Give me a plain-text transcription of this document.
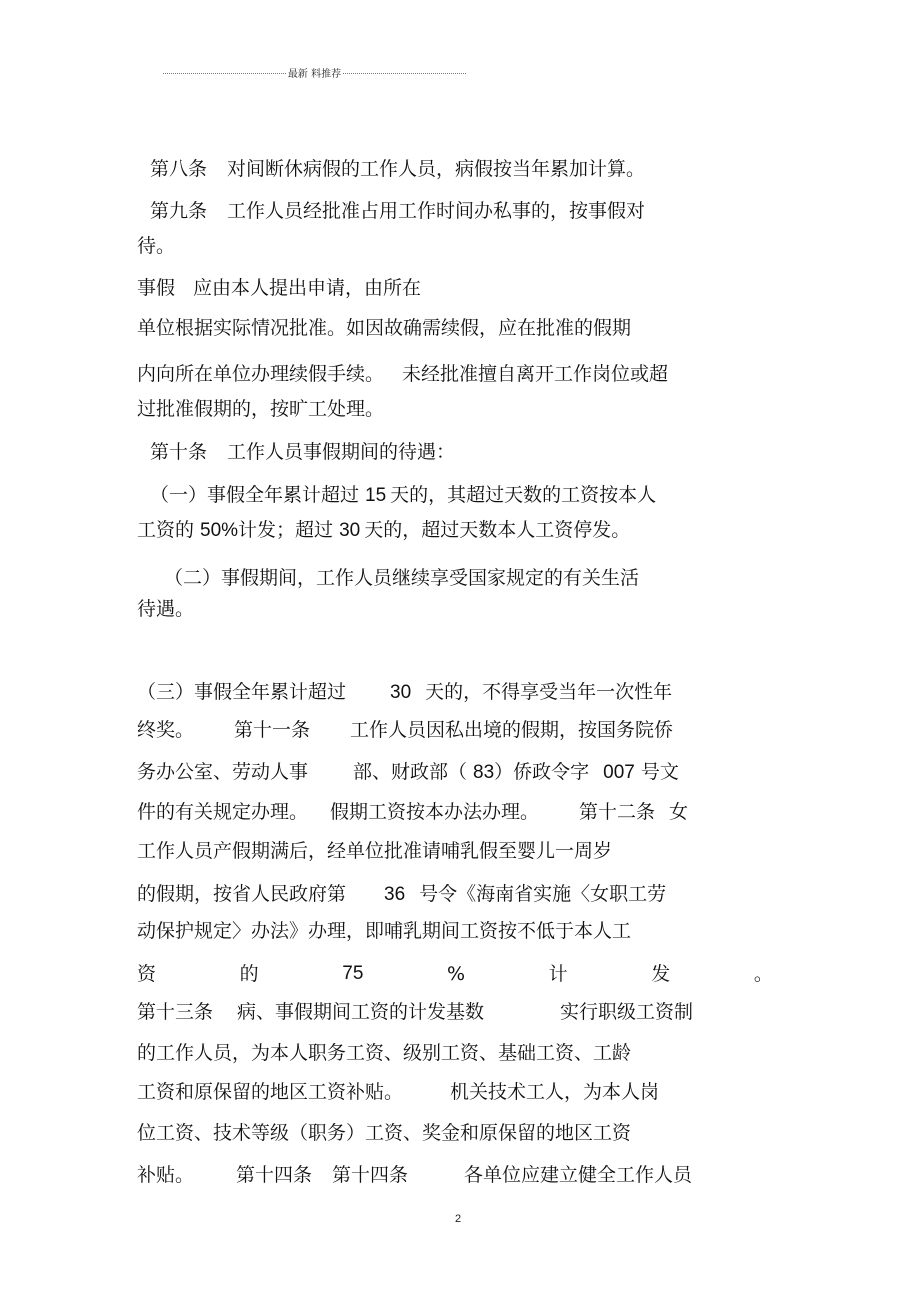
最新 料推荐
第八条 对间断休病假的工作人员，病假按当年累加计算。
第九条 工作人员经批准占用工作时间办私事的，按事假对
待。
事假 应由本人提出申请，由所在
单位根据实际情况批准。如因故确需续假，应在批准的假期
内向所在单位办理续假手续。 未经批准擅自离开工作岗位或超
过批准假期的，按旷工处理。
第十条 工作人员事假期间的待遇：
（一）事假全年累计超过 15 天的，其超过天数的工资按本人
工资的 50%计发；超过 30 天的，超过天数本人工资停发。
（二）事假期间，工作人员继续享受国家规定的有关生活
待遇。
（三）事假全年累计超过 30 天的，不得享受当年一次性年
终奖。 第十一条 工作人员因私出境的假期，按国务院侨
务办公室、劳动人事 部、财政部（ 83）侨政令字 007 号文
件的有关规定办理。 假期工资按本办法办理。 第十二条 女
工作人员产假期满后，经单位批准请哺乳假至婴儿一周岁
的假期，按省人民政府第 36 号令《海南省实施〈女职工劳
动保护规定〉办法》办理，即哺乳期间工资按不低于本人工
资	的	75	%	计	发	。
第十三条 病、事假期间工资的计发基数	实行职级工资制
的工作人员，为本人职务工资、级别工资、基础工资、工龄
工资和原保留的地区工资补贴。 机关技术工人，为本人岗
位工资、技术等级（职务）工资、奖金和原保留的地区工资
补贴。 第十四条 第十四条	各单位应建立健全工作人员
2
